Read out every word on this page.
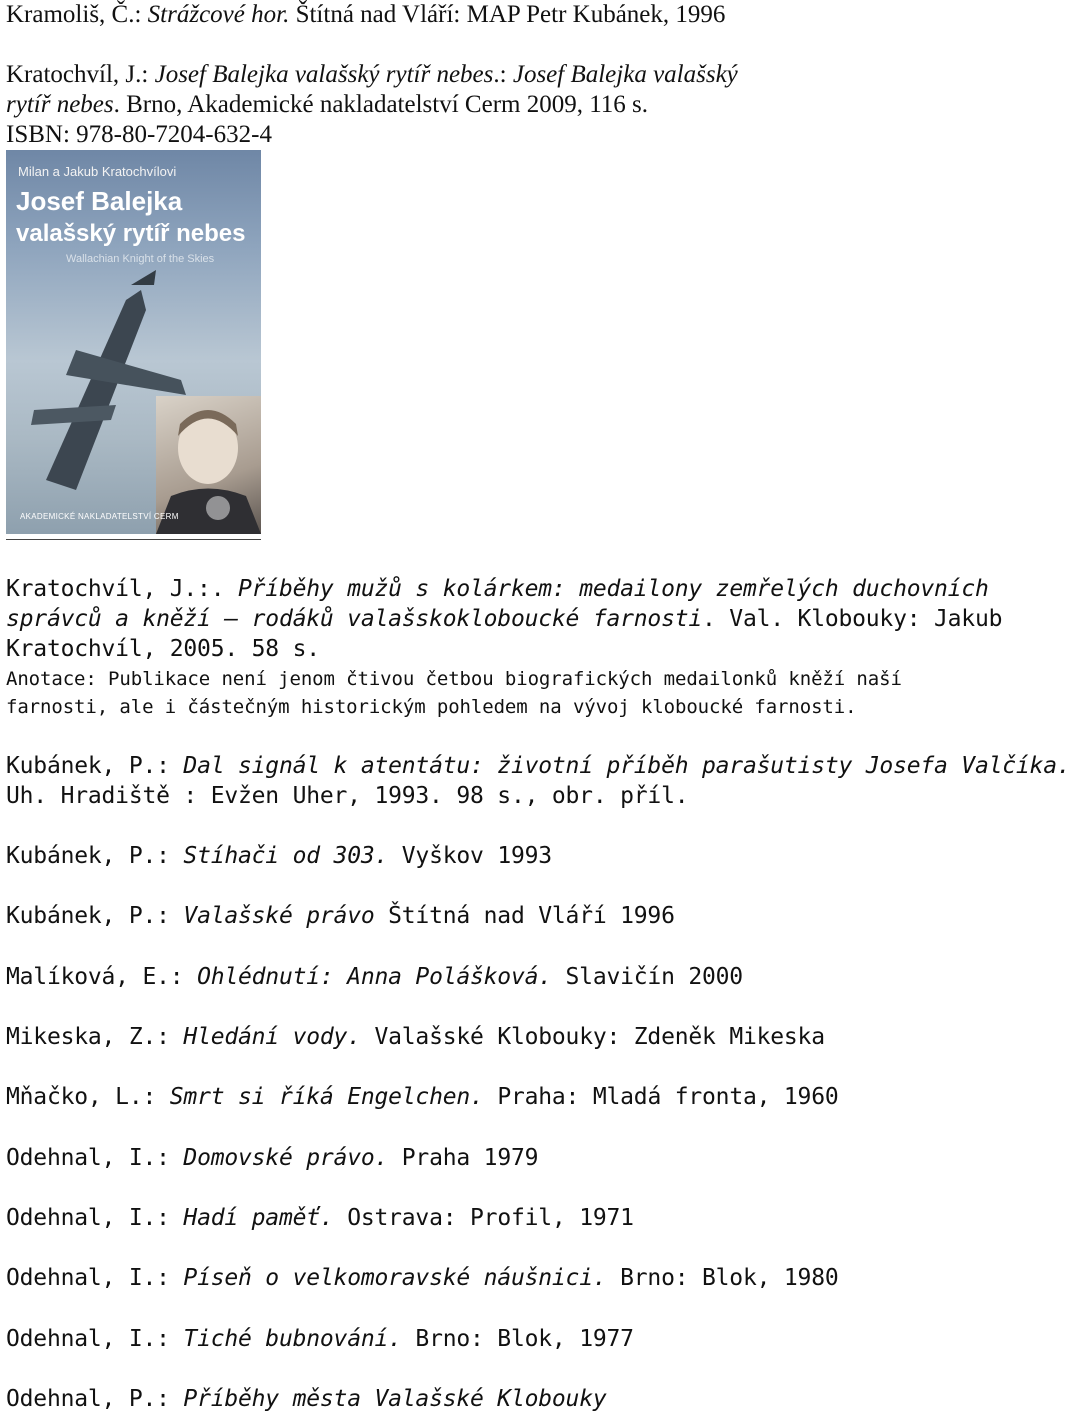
Kramoliš, Č.: Strážcové hor. Štítná nad Vláří: MAP Petr Kubánek, 1996
Kratochvíl, J.: Josef Balejka valašský rytíř nebes.: Josef Balejka valašský
rytíř nebes. Brno, Akademické nakladatelství Cerm 2009, 116 s.
ISBN: 978-80-7204-632-4
Milan a Jakub Kratochvílovi
Josef Balejka
valašský rytíř nebes
Wallachian Knight of the Skies
AKADEMICKÉ NAKLADATELSTVÍ CERM
Kratochvíl, J.:. Příběhy mužů s kolárkem: medailony zemřelých duchovních
správců a kněží – rodáků valašskokloboucké farnosti. Val. Klobouky: Jakub
Kratochvíl, 2005. 58 s.
Anotace: Publikace není jenom čtivou četbou biografických medailonků kněží naší
farnosti, ale i částečným historickým pohledem na vývoj kloboucké farnosti.
Kubánek, P.: Dal signál k atentátu: životní příběh parašutisty Josefa Valčíka.
Uh. Hradiště : Evžen Uher, 1993. 98 s., obr. příl.
Kubánek, P.: Stíhači od 303. Vyškov 1993
Kubánek, P.: Valašské právo Štítná nad Vláří 1996
Malíková, E.: Ohlédnutí: Anna Polášková. Slavičín 2000
Mikeska, Z.: Hledání vody. Valašské Klobouky: Zdeněk Mikeska
Mňačko, L.: Smrt si říká Engelchen. Praha: Mladá fronta, 1960
Odehnal, I.: Domovské právo. Praha 1979
Odehnal, I.: Hadí paměť. Ostrava: Profil, 1971
Odehnal, I.: Píseň o velkomoravské náušnici. Brno: Blok, 1980
Odehnal, I.: Tiché bubnování. Brno: Blok, 1977
Odehnal, P.: Příběhy města Valašské Klobouky
